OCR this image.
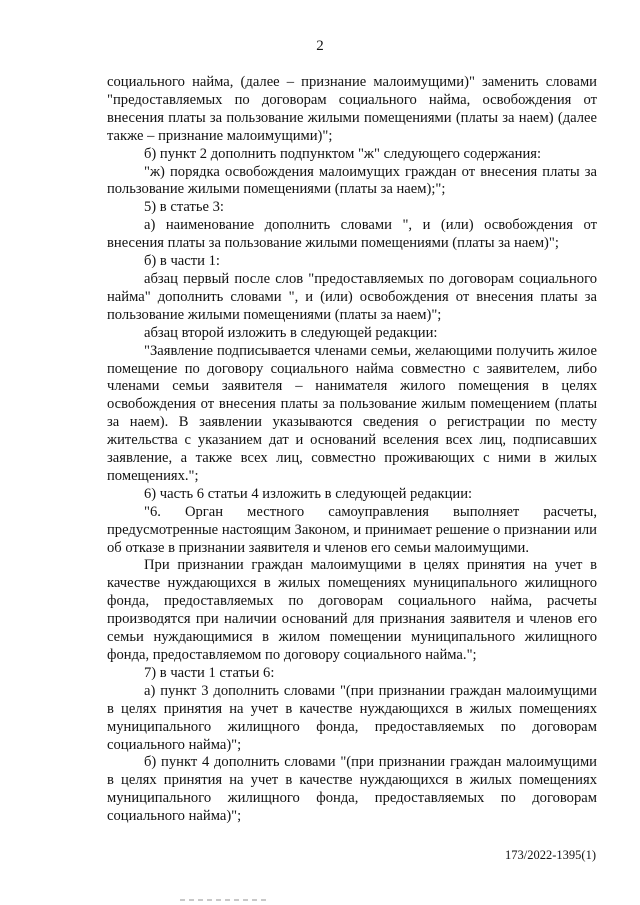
2

социального найма, (далее – признание малоимущими)" заменить словами "предоставляемых по договорам социального найма, освобождения от внесения платы за пользование жилыми помещениями (платы за наем) (далее также – признание малоимущими)";

б) пункт 2 дополнить подпунктом "ж" следующего содержания:

"ж) порядка освобождения малоимущих граждан от внесения платы за пользование жилыми помещениями (платы за наем);";

5) в статье 3:

а) наименование дополнить словами ", и (или) освобождения от внесения платы за пользование жилыми помещениями (платы за наем)";

б) в части 1:

абзац первый после слов "предоставляемых по договорам социального найма" дополнить словами ", и (или) освобождения от внесения платы за пользование жилыми помещениями (платы за наем)";

абзац второй изложить в следующей редакции:

"Заявление подписывается членами семьи, желающими получить жилое помещение по договору социального найма совместно с заявителем, либо членами семьи заявителя – нанимателя жилого помещения в целях освобождения от внесения платы за пользование жилым помещением (платы за наем). В заявлении указываются сведения о регистрации по месту жительства с указанием дат и оснований вселения всех лиц, подписавших заявление, а также всех лиц, совместно проживающих с ними в жилых помещениях.";

6) часть 6 статьи 4 изложить в следующей редакции:

"6. Орган местного самоуправления выполняет расчеты, предусмотренные настоящим Законом, и принимает решение о признании или об отказе в признании заявителя и членов его семьи малоимущими.

При признании граждан малоимущими в целях принятия на учет в качестве нуждающихся в жилых помещениях муниципального жилищного фонда, предоставляемых по договорам социального найма, расчеты производятся при наличии оснований для признания заявителя и членов его семьи нуждающимися в жилом помещении муниципального жилищного фонда, предоставляемом по договору социального найма.";

7) в части 1 статьи 6:

а) пункт 3 дополнить словами "(при признании граждан малоимущими в целях принятия на учет в качестве нуждающихся в жилых помещениях муниципального жилищного фонда, предоставляемых по договорам социального найма)";

б) пункт 4 дополнить словами "(при признании граждан малоимущими в целях принятия на учет в качестве нуждающихся в жилых помещениях муниципального жилищного фонда, предоставляемых по договорам социального найма)";

173/2022-1395(1)
